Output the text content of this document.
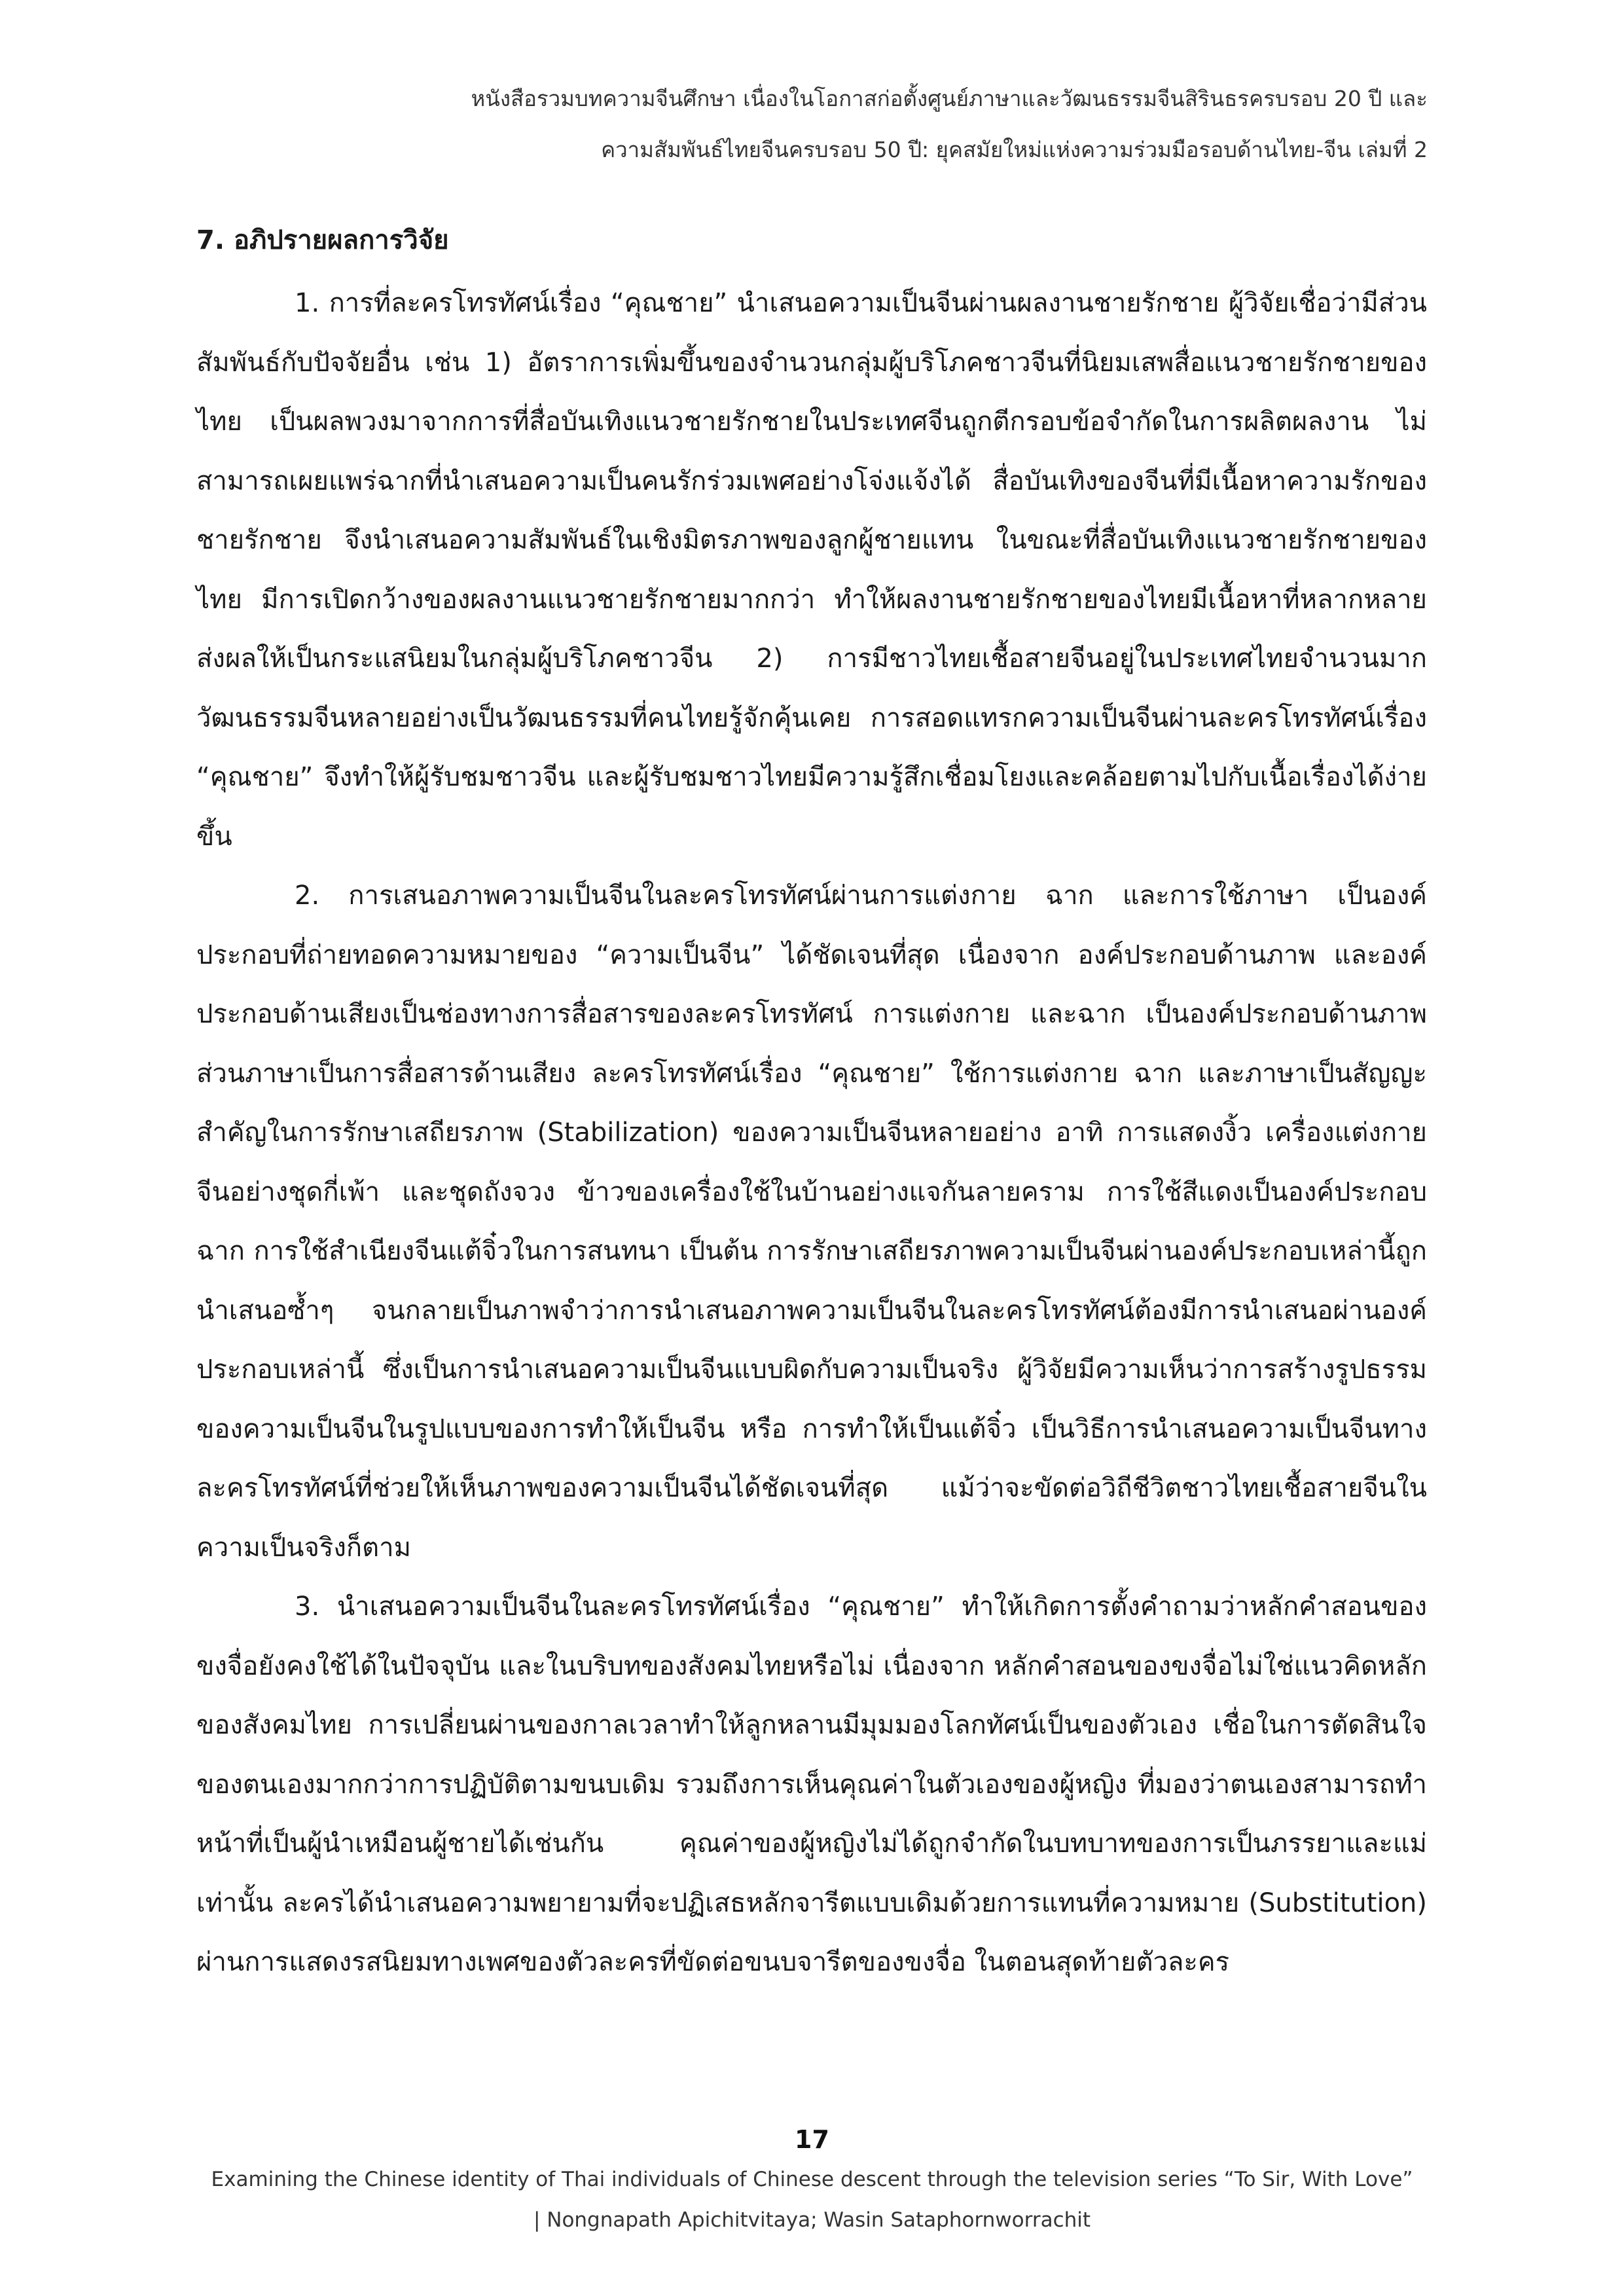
หนังสือรวมบทความจีนศึกษา เนื่องในโอกาสก่อตั้งศูนย์ภาษาและวัฒนธรรมจีนสิรินธรครบรอบ 20 ปี และ
ความสัมพันธ์ไทยจีนครบรอบ 50 ปี: ยุคสมัยใหม่แห่งความร่วมมือรอบด้านไทย-จีน เล่มที่ 2
7. อภิปรายผลการวิจัย

1. การที่ละครโทรทัศน์เรื่อง “คุณชาย” นำเสนอความเป็นจีนผ่านผลงานชายรักชาย ผู้วิจัยเชื่อว่ามีส่วนสัมพันธ์กับปัจจัยอื่น เช่น 1) อัตราการเพิ่มขึ้นของจำนวนกลุ่มผู้บริโภคชาวจีนที่นิยมเสพสื่อแนวชายรักชายของไทย เป็นผลพวงมาจากการที่สื่อบันเทิงแนวชายรักชายในประเทศจีนถูกตีกรอบข้อจำกัดในการผลิตผลงาน ไม่สามารถเผยแพร่ฉากที่นำเสนอความเป็นคนรักร่วมเพศอย่างโจ่งแจ้งได้ สื่อบันเทิงของจีนที่มีเนื้อหาความรักของชายรักชาย จึงนำเสนอความสัมพันธ์ในเชิงมิตรภาพของลูกผู้ชายแทน ในขณะที่สื่อบันเทิงแนวชายรักชายของไทย มีการเปิดกว้างของผลงานแนวชายรักชายมากกว่า ทำให้ผลงานชายรักชายของไทยมีเนื้อหาที่หลากหลาย ส่งผลให้เป็นกระแสนิยมในกลุ่มผู้บริโภคชาวจีน 2) การมีชาวไทยเชื้อสายจีนอยู่ในประเทศไทยจำนวนมาก วัฒนธรรมจีนหลายอย่างเป็นวัฒนธรรมที่คนไทยรู้จักคุ้นเคย การสอดแทรกความเป็นจีนผ่านละครโทรทัศน์เรื่อง “คุณชาย” จึงทำให้ผู้รับชมชาวจีน และผู้รับชมชาวไทยมีความรู้สึกเชื่อมโยงและคล้อยตามไปกับเนื้อเรื่องได้ง่ายขึ้น

2. การเสนอภาพความเป็นจีนในละครโทรทัศน์ผ่านการแต่งกาย ฉาก และการใช้ภาษา เป็นองค์ประกอบที่ถ่ายทอดความหมายของ “ความเป็นจีน” ได้ชัดเจนที่สุด เนื่องจาก องค์ประกอบด้านภาพ และองค์ประกอบด้านเสียงเป็นช่องทางการสื่อสารของละครโทรทัศน์ การแต่งกาย และฉาก เป็นองค์ประกอบด้านภาพ ส่วนภาษาเป็นการสื่อสารด้านเสียง ละครโทรทัศน์เรื่อง “คุณชาย” ใช้การแต่งกาย ฉาก และภาษาเป็นสัญญะสำคัญในการรักษาเสถียรภาพ (Stabilization) ของความเป็นจีนหลายอย่าง อาทิ การแสดงงิ้ว เครื่องแต่งกายจีนอย่างชุดกี่เพ้า และชุดถังจวง ข้าวของเครื่องใช้ในบ้านอย่างแจกันลายคราม การใช้สีแดงเป็นองค์ประกอบฉาก การใช้สำเนียงจีนแต้จิ๋วในการสนทนา เป็นต้น การรักษาเสถียรภาพความเป็นจีนผ่านองค์ประกอบเหล่านี้ถูกนำเสนอซ้ำๆ จนกลายเป็นภาพจำว่าการนำเสนอภาพความเป็นจีนในละครโทรทัศน์ต้องมีการนำเสนอผ่านองค์ประกอบเหล่านี้ ซึ่งเป็นการนำเสนอความเป็นจีนแบบผิดกับความเป็นจริง ผู้วิจัยมีความเห็นว่าการสร้างรูปธรรมของความเป็นจีนในรูปแบบของการทำให้เป็นจีน หรือ การทำให้เป็นแต้จิ๋ว เป็นวิธีการนำเสนอความเป็นจีนทางละครโทรทัศน์ที่ช่วยให้เห็นภาพของความเป็นจีนได้ชัดเจนที่สุด แม้ว่าจะขัดต่อวิถีชีวิตชาวไทยเชื้อสายจีนในความเป็นจริงก็ตาม

3. นำเสนอความเป็นจีนในละครโทรทัศน์เรื่อง “คุณชาย” ทำให้เกิดการตั้งคำถามว่าหลักคำสอนของขงจื่อยังคงใช้ได้ในปัจจุบัน และในบริบทของสังคมไทยหรือไม่ เนื่องจาก หลักคำสอนของขงจื่อไม่ใช่แนวคิดหลักของสังคมไทย การเปลี่ยนผ่านของกาลเวลาทำให้ลูกหลานมีมุมมองโลกทัศน์เป็นของตัวเอง เชื่อในการตัดสินใจของตนเองมากกว่าการปฏิบัติตามขนบเดิม รวมถึงการเห็นคุณค่าในตัวเองของผู้หญิง ที่มองว่าตนเองสามารถทำหน้าที่เป็นผู้นำเหมือนผู้ชายได้เช่นกัน คุณค่าของผู้หญิงไม่ได้ถูกจำกัดในบทบาทของการเป็นภรรยาและแม่เท่านั้น ละครได้นำเสนอความพยายามที่จะปฏิเสธหลักจารีตแบบเดิมด้วยการแทนที่ความหมาย (Substitution) ผ่านการแสดงรสนิยมทางเพศของตัวละครที่ขัดต่อขนบจารีตของขงจื่อ ในตอนสุดท้ายตัวละคร

17
Examining the Chinese identity of Thai individuals of Chinese descent through the television series “To Sir, With Love”
| Nongnapath Apichitvitaya; Wasin Sataphornworrachit
